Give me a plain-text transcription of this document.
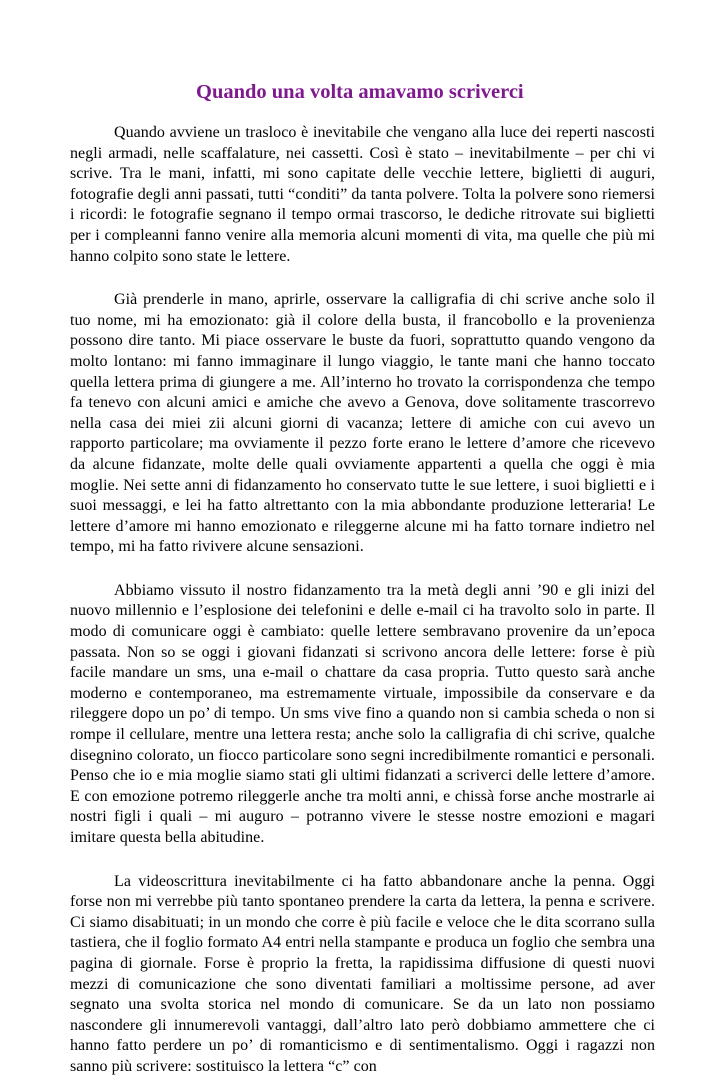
Quando una volta amavamo scriverci

Quando avviene un trasloco è inevitabile che vengano alla luce dei reperti nascosti negli armadi, nelle scaffalature, nei cassetti. Così è stato – inevitabilmente – per chi vi scrive. Tra le mani, infatti, mi sono capitate delle vecchie lettere, biglietti di auguri, fotografie degli anni passati, tutti “conditi” da tanta polvere. Tolta la polvere sono riemersi i ricordi: le fotografie segnano il tempo ormai trascorso, le dediche ritrovate sui biglietti per i compleanni fanno venire alla memoria alcuni momenti di vita, ma quelle che più mi hanno colpito sono state le lettere.

Già prenderle in mano, aprirle, osservare la calligrafia di chi scrive anche solo il tuo nome, mi ha emozionato: già il colore della busta, il francobollo e la provenienza possono dire tanto. Mi piace osservare le buste da fuori, soprattutto quando vengono da molto lontano: mi fanno immaginare il lungo viaggio, le tante mani che hanno toccato quella lettera prima di giungere a me. All’interno ho trovato la corrispondenza che tempo fa tenevo con alcuni amici e amiche che avevo a Genova, dove solitamente trascorrevo nella casa dei miei zii alcuni giorni di vacanza; lettere di amiche con cui avevo un rapporto particolare; ma ovviamente il pezzo forte erano le lettere d’amore che ricevevo da alcune fidanzate, molte delle quali ovviamente appartenti a quella che oggi è mia moglie. Nei sette anni di fidanzamento ho conservato tutte le sue lettere, i suoi biglietti e i suoi messaggi, e lei ha fatto altrettanto con la mia abbondante produzione letteraria! Le lettere d’amore mi hanno emozionato e rileggerne alcune mi ha fatto tornare indietro nel tempo, mi ha fatto rivivere alcune sensazioni.

Abbiamo vissuto il nostro fidanzamento tra la metà degli anni ’90 e gli inizi del nuovo millennio e l’esplosione dei telefonini e delle e-mail ci ha travolto solo in parte. Il modo di comunicare oggi è cambiato: quelle lettere sembravano provenire da un’epoca passata. Non so se oggi i giovani fidanzati si scrivono ancora delle lettere: forse è più facile mandare un sms, una e-mail o chattare da casa propria. Tutto questo sarà anche moderno e contemporaneo, ma estremamente virtuale, impossibile da conservare e da rileggere dopo un po’ di tempo. Un sms vive fino a quando non si cambia scheda o non si rompe il cellulare, mentre una lettera resta; anche solo la calligrafia di chi scrive, qualche disegnino colorato, un fiocco particolare sono segni incredibilmente romantici e personali. Penso che io e mia moglie siamo stati gli ultimi fidanzati a scriverci delle lettere d’amore. E con emozione potremo rileggerle anche tra molti anni, e chissà forse anche mostrarle ai nostri figli i quali – mi auguro – potranno vivere le stesse nostre emozioni e magari imitare questa bella abitudine.

La videoscrittura inevitabilmente ci ha fatto abbandonare anche la penna. Oggi forse non mi verrebbe più tanto spontaneo prendere la carta da lettera, la penna e scrivere. Ci siamo disabituati; in un mondo che corre è più facile e veloce che le dita scorrano sulla tastiera, che il foglio formato A4 entri nella stampante e produca un foglio che sembra una pagina di giornale. Forse è proprio la fretta, la rapidissima diffusione di questi nuovi mezzi di comunicazione che sono diventati familiari a moltissime persone, ad aver segnato una svolta storica nel mondo di comunicare. Se da un lato non possiamo nascondere gli innumerevoli vantaggi, dall’altro lato però dobbiamo ammettere che ci hanno fatto perdere un po’ di romanticismo e di sentimentalismo. Oggi i ragazzi non sanno più scrivere: sostituisco la lettera “c” con
